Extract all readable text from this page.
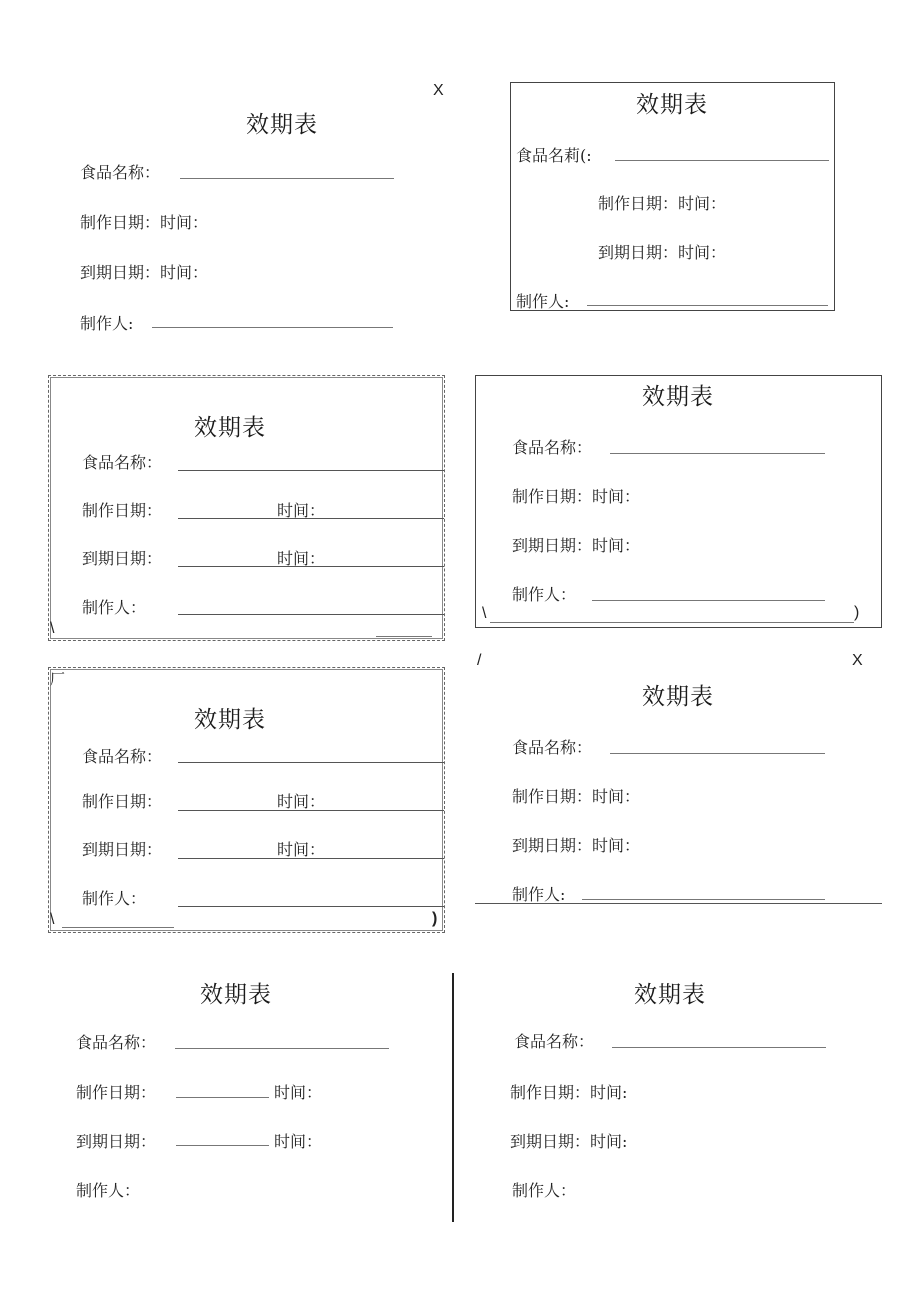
X
效期表
食品名称：
制作日期：时间：
到期日期：时间：
制作人:
效期表
食品名莉(:
制作日期：时间：
到期日期：时间：
制作人:
效期表
食品名称：
制作日期：	时间：
到期日期：	时间：
制作人：
\
效期表
食品名称：
制作日期：时间：
到期日期：时间：
制作人：
\	)
厂
效期表
食品名称：
制作日期：	时间：
到期日期：	时间：
制作人：
\	)
/	X
效期表
食品名称：
制作日期：时间：
到期日期：时间：
制作人:
效期表
食品名称：
制作日期：	时间：
到期日期：	时间：
制作人：
效期表
食品名称：
制作日期：时间:
到期日期：时间:
制作人：
